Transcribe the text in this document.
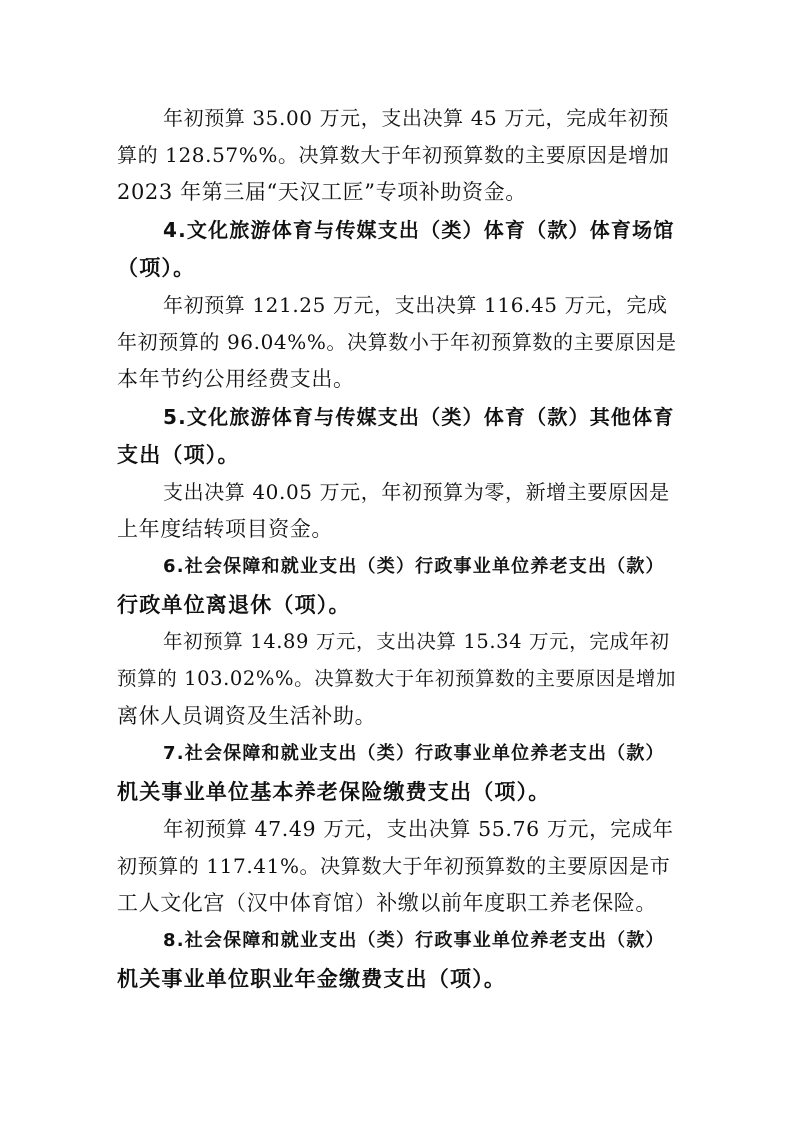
年初预算 35.00 万元，支出决算 45 万元，完成年初预
算的 128.57%%。决算数大于年初预算数的主要原因是增加
2023 年第三届“天汉工匠”专项补助资金。
4.文化旅游体育与传媒支出（类）体育（款）体育场馆
（项）。
年初预算 121.25 万元，支出决算 116.45 万元，完成
年初预算的 96.04%%。决算数小于年初预算数的主要原因是
本年节约公用经费支出。
5.文化旅游体育与传媒支出（类）体育（款）其他体育
支出（项）。
支出决算 40.05 万元，年初预算为零，新增主要原因是
上年度结转项目资金。
6.社会保障和就业支出（类）行政事业单位养老支出（款）
行政单位离退休（项）。
年初预算 14.89 万元，支出决算 15.34 万元，完成年初
预算的 103.02%%。决算数大于年初预算数的主要原因是增加
离休人员调资及生活补助。
7.社会保障和就业支出（类）行政事业单位养老支出（款）
机关事业单位基本养老保险缴费支出（项）。
年初预算 47.49 万元，支出决算 55.76 万元，完成年
初预算的 117.41%。决算数大于年初预算数的主要原因是市
工人文化宫（汉中体育馆）补缴以前年度职工养老保险。
8.社会保障和就业支出（类）行政事业单位养老支出（款）
机关事业单位职业年金缴费支出（项）。
